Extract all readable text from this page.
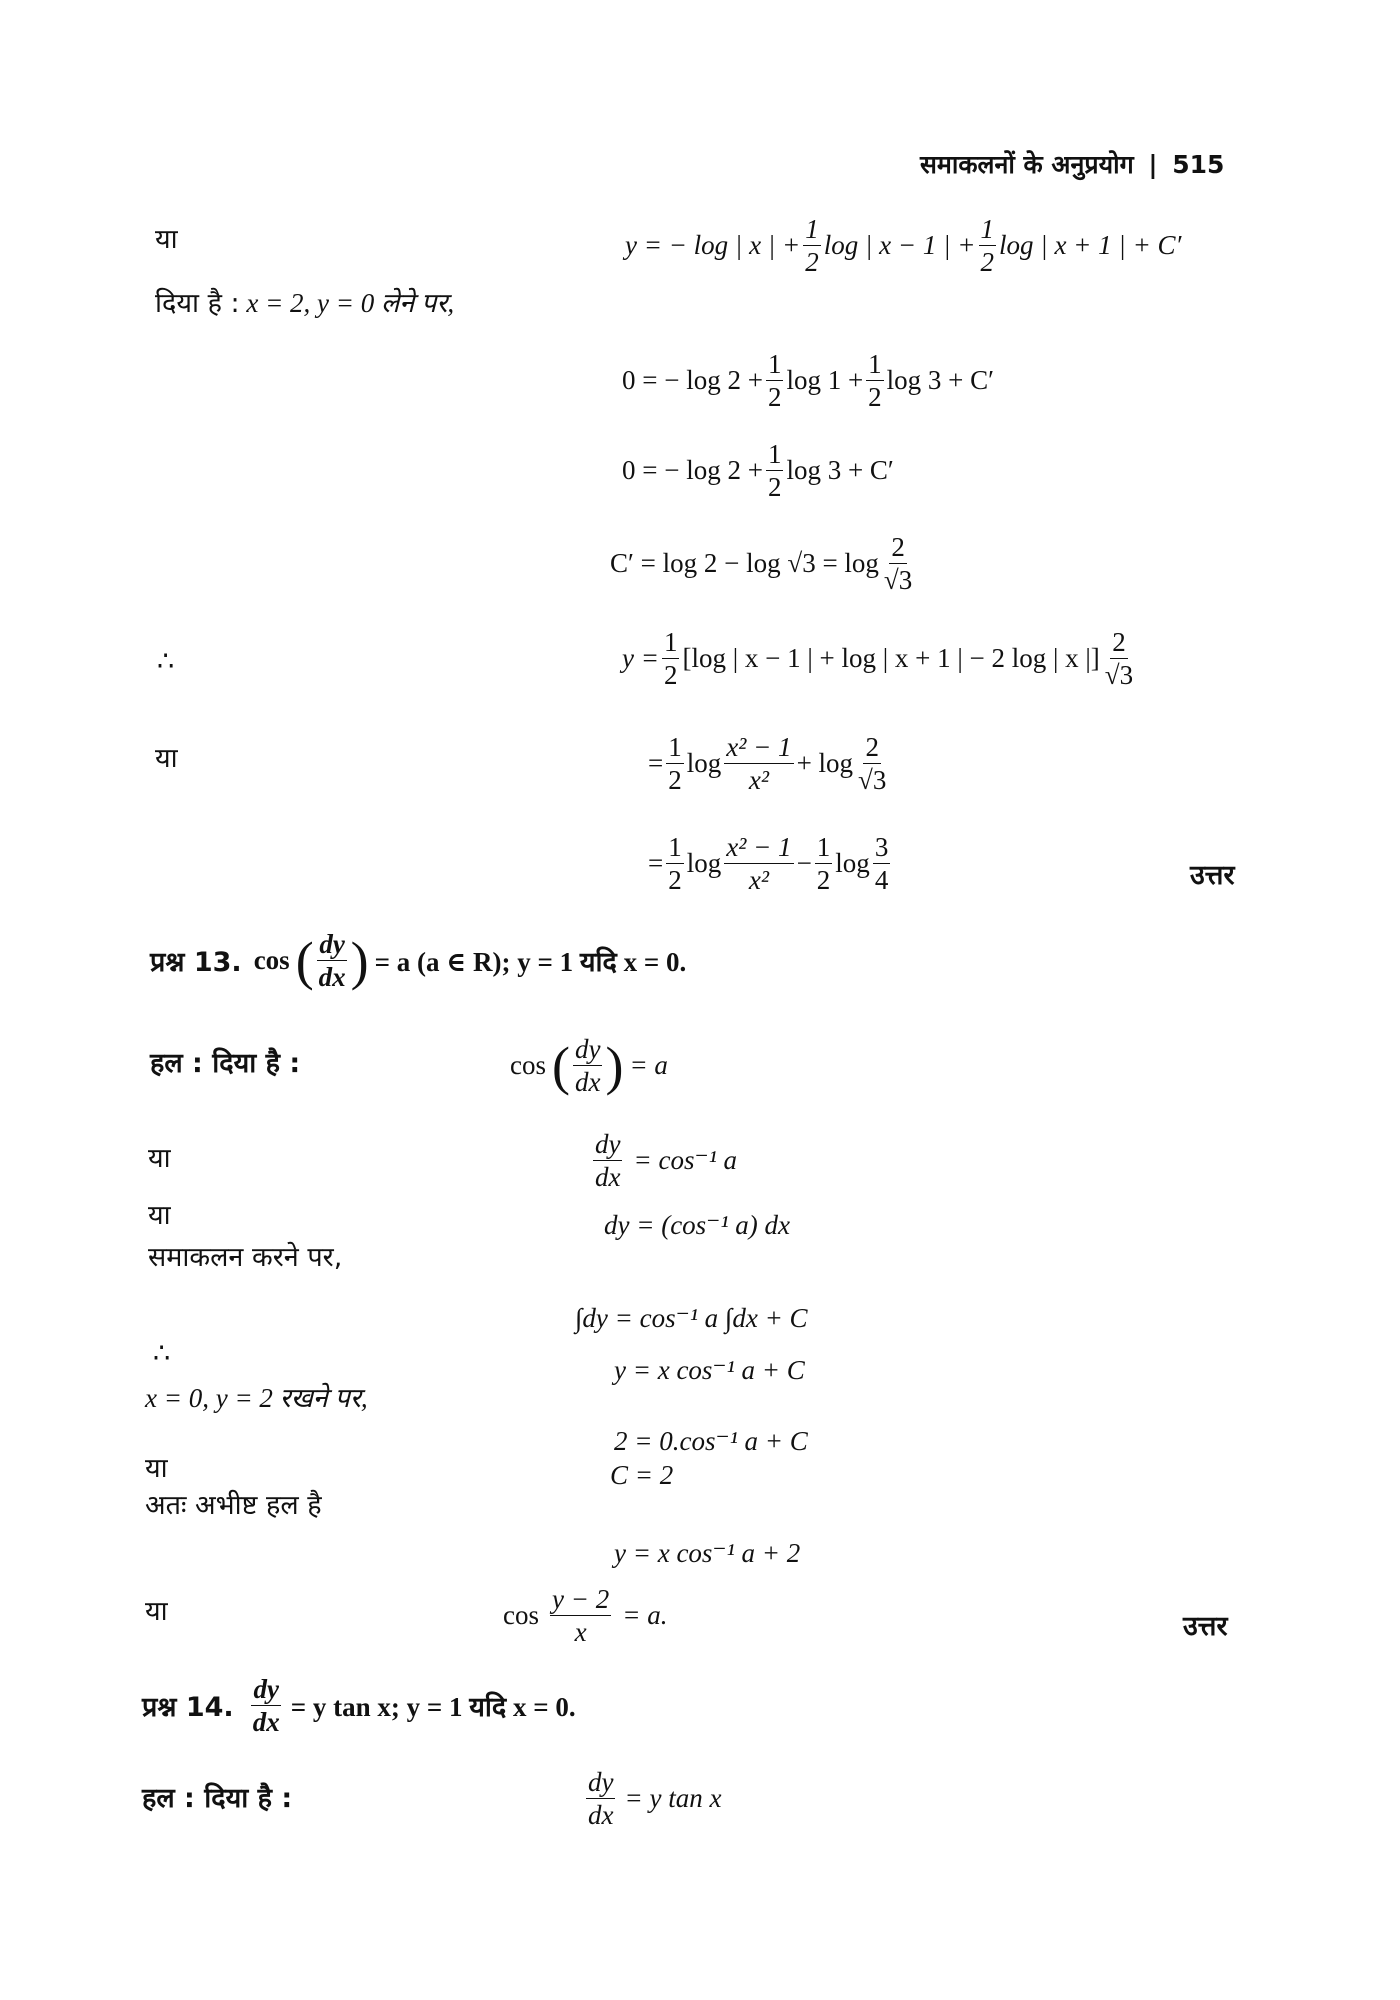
समाकलनों के अनुप्रयोग | 515
या
दिया है : x = 2, y = 0 लेने पर,
∴
या
उत्तर
y = − log | x | + $\frac{1}{2}$ log | x − 1 | + $\frac{1}{2}$ log | x + 1 | + C′
0 = − $\log 2 + \frac{1}{2}$ $\log 1 + \frac{1}{2}$ log 3 + C′
0 = − $\log 2 + \frac{1}{2}$ log 3 + C′
$C' = \log 2 - \log √3 = \log \frac{2}{√3}$
$y = \frac{1}{2} [\log$ | x − 1 | + log | x + 1 | − 2 log | x |] $\frac{2}{√3}$
= $\frac{1}{2}$ $\log \frac{\text{x² − 1}}{\text{x²}} + \log \frac{2}{√3}$
= $\frac{1}{2}$ $\log \frac{\text{x² − 1}}{\text{x²}} - \frac{1}{2}$ $\log \frac{3}{4}$
प्रश्न 13. cos ( $\frac{dy}{dx}$ ) = a (a ∈ R); y = 1 यदि x = 0.
हल : दिया है :	cos ( $\frac{dy}{dx}$ ) = a
या	$\frac{dy}{dx} = \cos^{-1}$ a
या	dy = (cos⁻¹ a) dx
समाकलन करने पर,
∫dy = cos⁻¹ a ∫dx + C
∴
y = x cos⁻¹ a + C
x = 0, y = 2 रखने पर,
2 = 0.cos⁻¹ a + C
या	C = 2
अतः अभीष्ट हल है
y = x cos⁻¹ a + 2
या	$\cos \frac{y - 2}{x} = a$.	उत्तर
प्रश्न 14. $\frac{dy}{dx} = y$ tan x; y = 1 यदि x = 0.
हल : दिया है :	$\frac{dy}{dx} = y$ tan x
